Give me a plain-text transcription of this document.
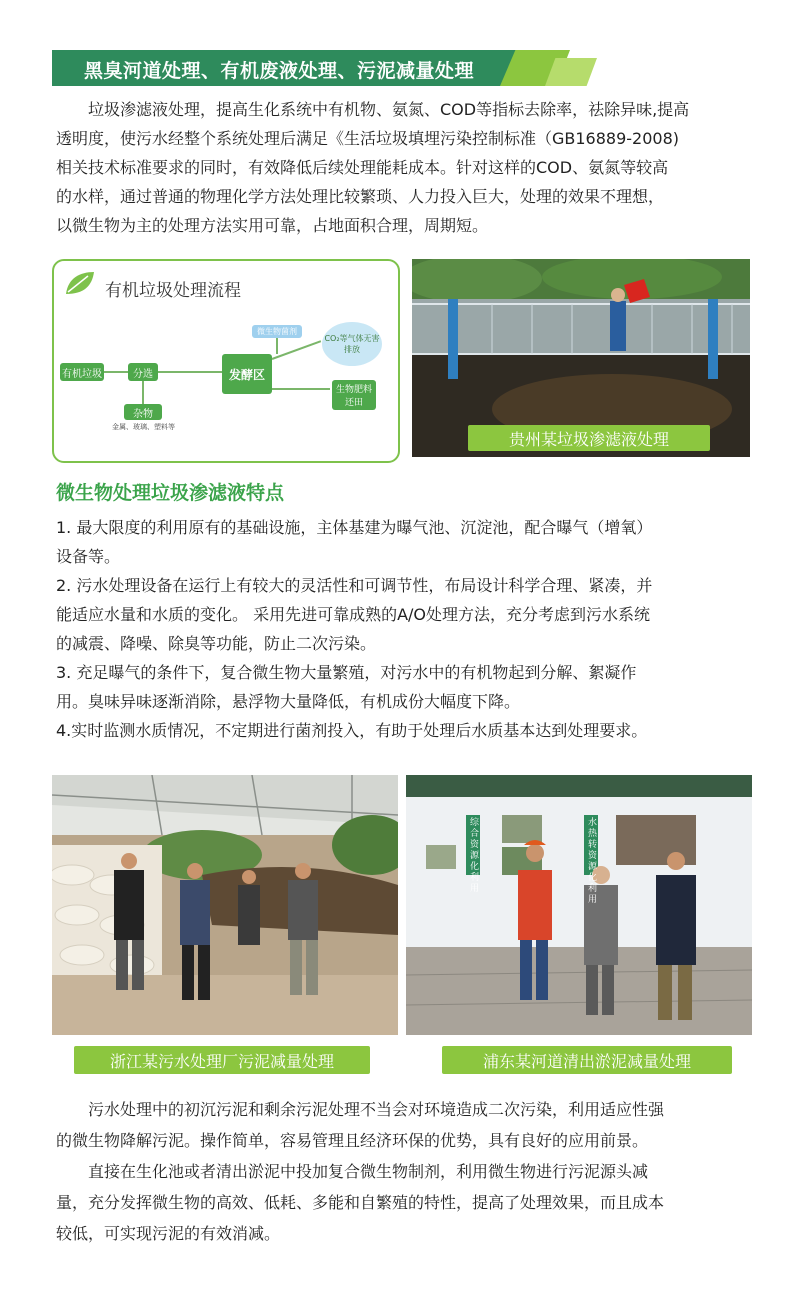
黑臭河道处理、有机废液处理、污泥减量处理

垃圾渗滤液处理，提高生化系统中有机物、氨氮、COD等指标去除率，祛除异味,提高

透明度，使污水经整个系统处理后满足《生活垃圾填埋污染控制标准（GB16889-2008)

相关技术标准要求的同时，有效降低后续处理能耗成本。针对这样的COD、氨氮等较高

的水样，通过普通的物理化学方法处理比较繁琐、人力投入巨大，处理的效果不理想，

以微生物为主的处理方法实用可靠，占地面积合理，周期短。

有机垃圾处理流程
有机垃圾	分选
杂物
金属、玻璃、塑料等
微生物菌剂
发酵区
CO₂等气体无害排放
生物肥料还田
贵州某垃圾渗滤液处理
微生物处理垃圾渗滤液特点

1. 最大限度的利用原有的基础设施，主体基建为曝气池、沉淀池，配合曝气（增氧）

设备等。

2. 污水处理设备在运行上有较大的灵活性和可调节性，布局设计科学合理、紧凑，并

能适应水量和水质的变化。 采用先进可靠成熟的A/O处理方法，充分考虑到污水系统

的减震、降噪、除臭等功能，防止二次污染。

3. 充足曝气的条件下，复合微生物大量繁殖，对污水中的有机物起到分解、絮凝作

用。臭味异味逐渐消除，悬浮物大量降低，有机成份大幅度下降。

4.实时监测水质情况，不定期进行菌剂投入，有助于处理后水质基本达到处理要求。

浙江某污水处理厂污泥减量处理
综合资源化利用
水热转资源化利用
浦东某河道清出淤泥减量处理

污水处理中的初沉污泥和剩余污泥处理不当会对环境造成二次污染，利用适应性强

的微生物降解污泥。操作简单，容易管理且经济环保的优势，具有良好的应用前景。

直接在生化池或者清出淤泥中投加复合微生物制剂，利用微生物进行污泥源头减

量，充分发挥微生物的高效、低耗、多能和自繁殖的特性，提高了处理效果，而且成本

较低，可实现污泥的有效消减。
